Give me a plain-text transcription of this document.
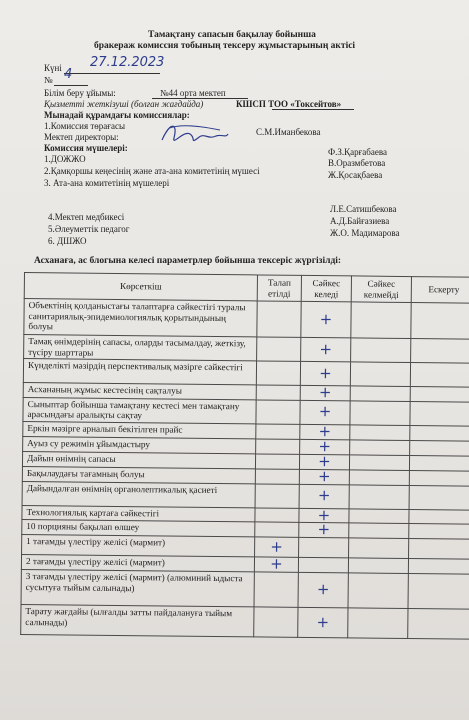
Тамақтану сапасын бақылау бойынша
бракераж комиссия тобының тексеру жұмыстарының актісі
Күні 27.12.2023
№ 4
Білім беру ұйымы:	№44 орта мектеп
Қызметті жеткізуші (болған жағдайда)	КШСП ТОО «Токсейтов»
Мынадай құрамдағы комиссиялар:
1.Комиссия төрағасы
Мектеп директоры:	С.М.Иманбекова
Комиссия мүшелері:
1.ДОЖЖО
Ф.З.Қарғабаева
2.Қамқоршы кеңесінің және ата-ана комитетінің мүшесі
В.Оразмбетова
3. Ата-ана комитетінің мүшелері
Ж.Қосақбаева
4.Мектеп медбикесі
Л.Е.Сатишбекова
5.Әлеуметтік педагог
А.Д.Байғазиева
6. ДШЖО
Ж.О. Мадимарова
Асханаға, ас блогына келесі параметрлер бойынша тексеріс жүргізілді:
Көрсеткіш	Талап етілді	Сәйкес келеді	Сәйкес келмейді	Ескерту
Объектінің қолданыстағы талаптарға сәйкестігі туралы санитариялық-эпидемиологиялық қорытындының болуы		+		
Тамақ өнімдерінің сапасы, оларды тасымалдау, жеткізу, түсіру шарттары		+		
Күнделікті мәзірдің перспективалық мәзірге сәйкестігі		+		
Асхананың жұмыс кестесінің сақталуы		+		
Сыныптар бойынша тамақтану кестесі мен тамақтану арасындағы аралықты сақтау		+		
Еркін мәзірге арналып бекітілген прайс		+		
Ауыз су режимін ұйымдастыру		+		
Дайын өнімнің сапасы		+		
Бақылаудағы тағамның болуы		+		
Дайындалған өнімнің органолептикалық қасиеті		+		
Технологиялық картаға сәйкестігі		+		
10 порцияны бақылап өлшеу		+		
1 тағамды үлестіру желісі (мармит)	+			
2 тағамды үлестіру желісі (мармит)	+			
3 тағамды үлестіру желісі (мармит) (алюминий ыдыста сусытуға тыйым салынады)		+		
Тарату жағдайы (ылғалды затты пайдалануға тыйым салынады)		+		
